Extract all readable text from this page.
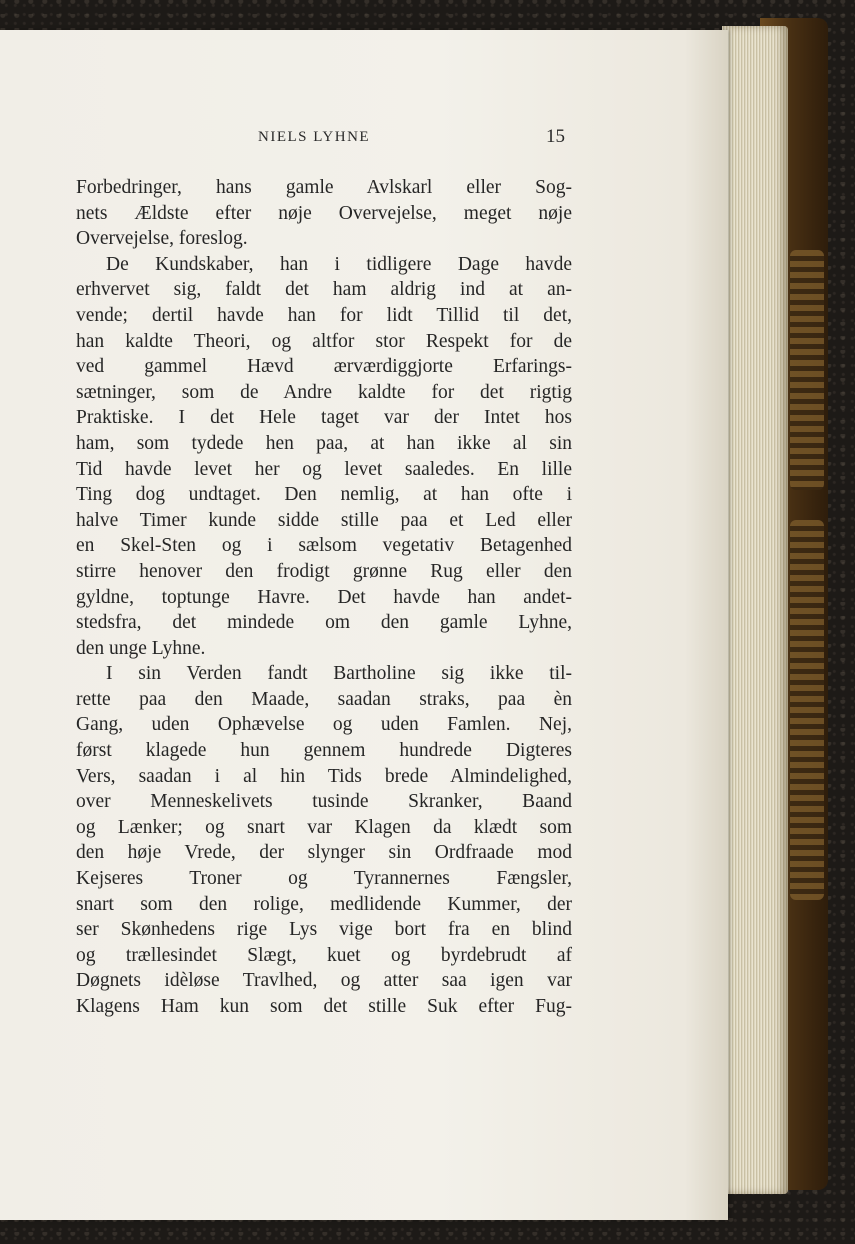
NIELS LYHNE	15
Forbedringer, hans gamle Avlskarl eller Sog-
nets Ældste efter nøje Overvejelse, meget nøje
Overvejelse, foreslog.
De Kundskaber, han i tidligere Dage havde
erhvervet sig, faldt det ham aldrig ind at an-
vende; dertil havde han for lidt Tillid til det,
han kaldte Theori, og altfor stor Respekt for de
ved gammel Hævd ærværdiggjorte Erfarings-
sætninger, som de Andre kaldte for det rigtig
Praktiske. I det Hele taget var der Intet hos
ham, som tydede hen paa, at han ikke al sin
Tid havde levet her og levet saaledes. En lille
Ting dog undtaget. Den nemlig, at han ofte i
halve Timer kunde sidde stille paa et Led eller
en Skel-Sten og i sælsom vegetativ Betagenhed
stirre henover den frodigt grønne Rug eller den
gyldne, toptunge Havre. Det havde han andet-
stedsfra, det mindede om den gamle Lyhne,
den unge Lyhne.
I sin Verden fandt Bartholine sig ikke til-
rette paa den Maade, saadan straks, paa èn
Gang, uden Ophævelse og uden Famlen. Nej,
først klagede hun gennem hundrede Digteres
Vers, saadan i al hin Tids brede Almindelighed,
over Menneskelivets tusinde Skranker, Baand
og Lænker; og snart var Klagen da klædt som
den høje Vrede, der slynger sin Ordfraade mod
Kejseres Troner og Tyrannernes Fængsler,
snart som den rolige, medlidende Kummer, der
ser Skønhedens rige Lys vige bort fra en blind
og trællesindet Slægt, kuet og byrdebrudt af
Døgnets idèløse Travlhed, og atter saa igen var
Klagens Ham kun som det stille Suk efter Fug-
